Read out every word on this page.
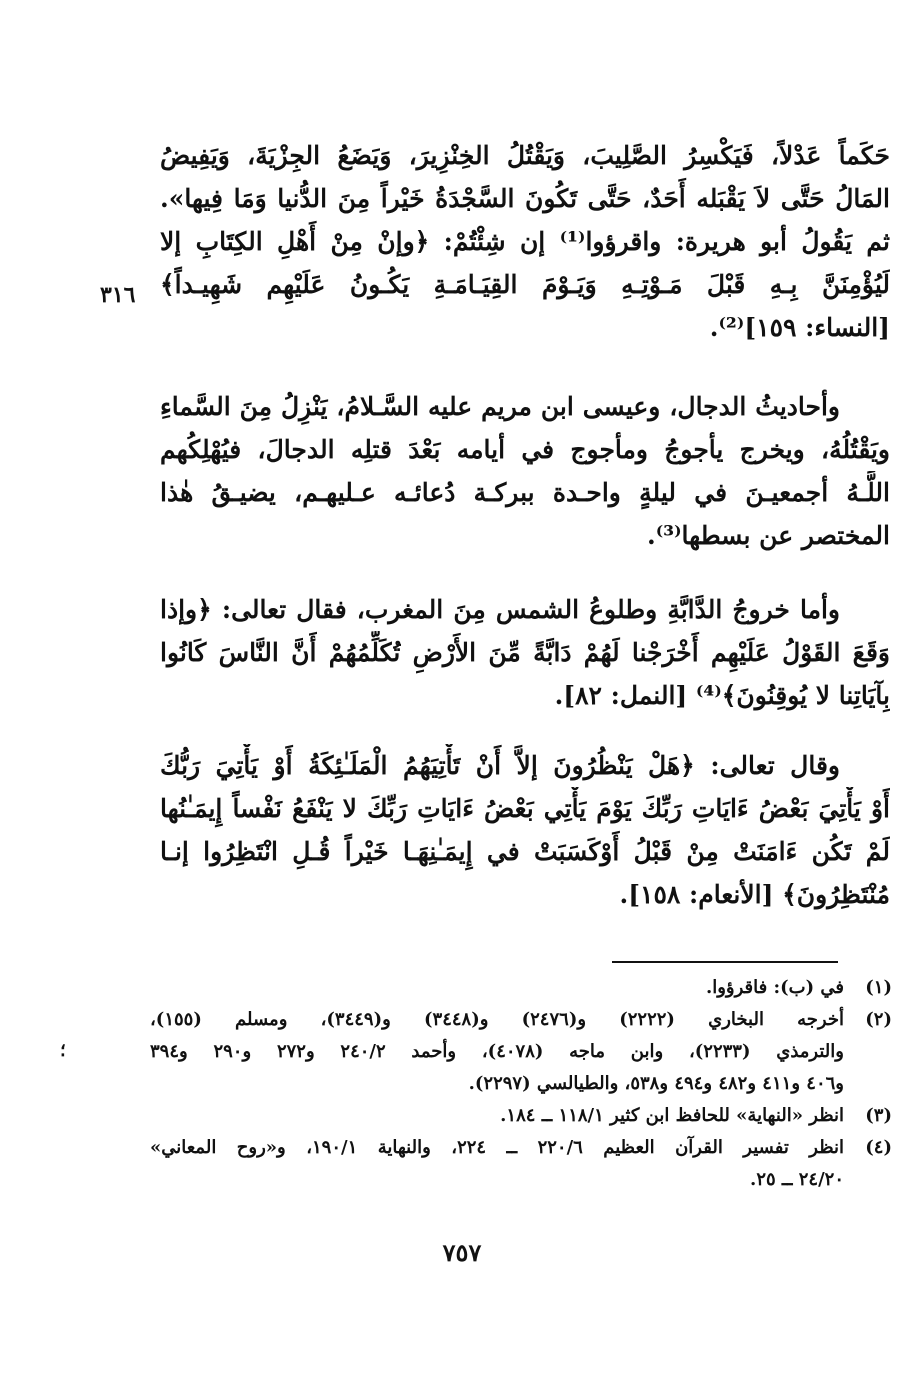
حَكَماً عَدْلاً، فَيَكْسِرُ الصَّلِيبَ، وَيَقْتُلُ الخِنْزِيرَ، وَيَضَعُ الجِزْيَةَ، وَيَفِيضُ
المَالُ حَتَّى لاَ يَقْبَله أَحَدٌ، حَتَّى تَكُونَ السَّجْدَةُ خَيْراً مِنَ الدُّنيا وَمَا فِيها».
ثم يَقُولُ أبو هريرة: واقرؤوا⁽¹⁾ إن شِئْتُمْ: ﴿وإنْ مِنْ أَهْلِ الكِتَابِ إلا
لَيُؤْمِنَنَّ بِـهِ قَبْلَ مَـوْتِـهِ وَيَـوْمَ القِيَـامَـةِ يَكُـونُ عَلَيْهِم شَهِيـداً﴾
[النساء: ١٥٩]⁽²⁾.
٣١٦
وأحاديثُ الدجال، وعيسى ابن مريم عليه السَّـلامُ، يَنْزِلُ مِنَ السَّماءِ
ويَقْتُلُهُ، ويخرج يأجوجُ ومأجوج في أيامه بَعْدَ قتلِه الدجالَ، فيُهْلِكُهم
اللَّـهُ أجمعيـنَ في ليلةٍ واحـدة ببركـة دُعائـه عـليهـم، يضيـقُ هٰذا
المختصر عن بسطها⁽³⁾.
وأما خروجُ الدَّابَّةِ وطلوعُ الشمس مِنَ المغرب، فقال تعالى: ﴿وإذا
وَقَعَ القَوْلُ عَلَيْهِم أَخْرَجْنا لَهُمْ دَابَّةً مِّنَ الأَرْضِ تُكَلِّمُهُمْ أَنَّ النَّاسَ كَانُوا
بِآيَاتِنا لا يُوقِنُونَ﴾⁽⁴⁾ [النمل: ٨٢].
وقال تعالى: ﴿هَلْ يَنْظُرُونَ إلاَّ أَنْ تَأْتِيَهُمُ الْمَلَـٰئِكَةُ أَوْ يَأْتِيَ رَبُّكَ
أَوْ يَأْتِيَ بَعْضُ ءَايَاتِ رَبِّكَ يَوْمَ يَأْتِي بَعْضُ ءَايَاتِ رَبِّكَ لا يَنْفَعُ نَفْساً إِيمَـٰنُها
لَمْ تَكُن ءَامَنَتْ مِنْ قَبْلُ أَوْكَسَبَتْ في إِيمَـٰنِهَـا خَيْراً قُـلِ انْتَظِرُوا إنـا
مُنْتَظِرُونَ﴾ [الأنعام: ١٥٨].
(١)في (ب): فاقرؤوا.
(٢)أخرجه البخاري (٢٢٢٢) و(٢٤٧٦) و(٣٤٤٨) و(٣٤٤٩)، ومسلم (١٥٥)،
والترمذي (٢٢٣٣)، وابن ماجه (٤٠٧٨)، وأحمد ٢٤٠/٢ و٢٧٢ و٢٩٠ و٣٩٤
و٤٠٦ و٤١١ و٤٨٢ و٤٩٤ و٥٣٨، والطيالسي (٢٢٩٧).
(٣)انظر «النهاية» للحافظ ابن كثير ١١٨/١ ــ ١٨٤.
(٤)انظر تفسير القرآن العظيم ٢٢٠/٦ ــ ٢٢٤، والنهاية ١٩٠/١، و«روح المعاني»
٢٤/٢٠ ــ ٢٥.
؛
٧٥٧
